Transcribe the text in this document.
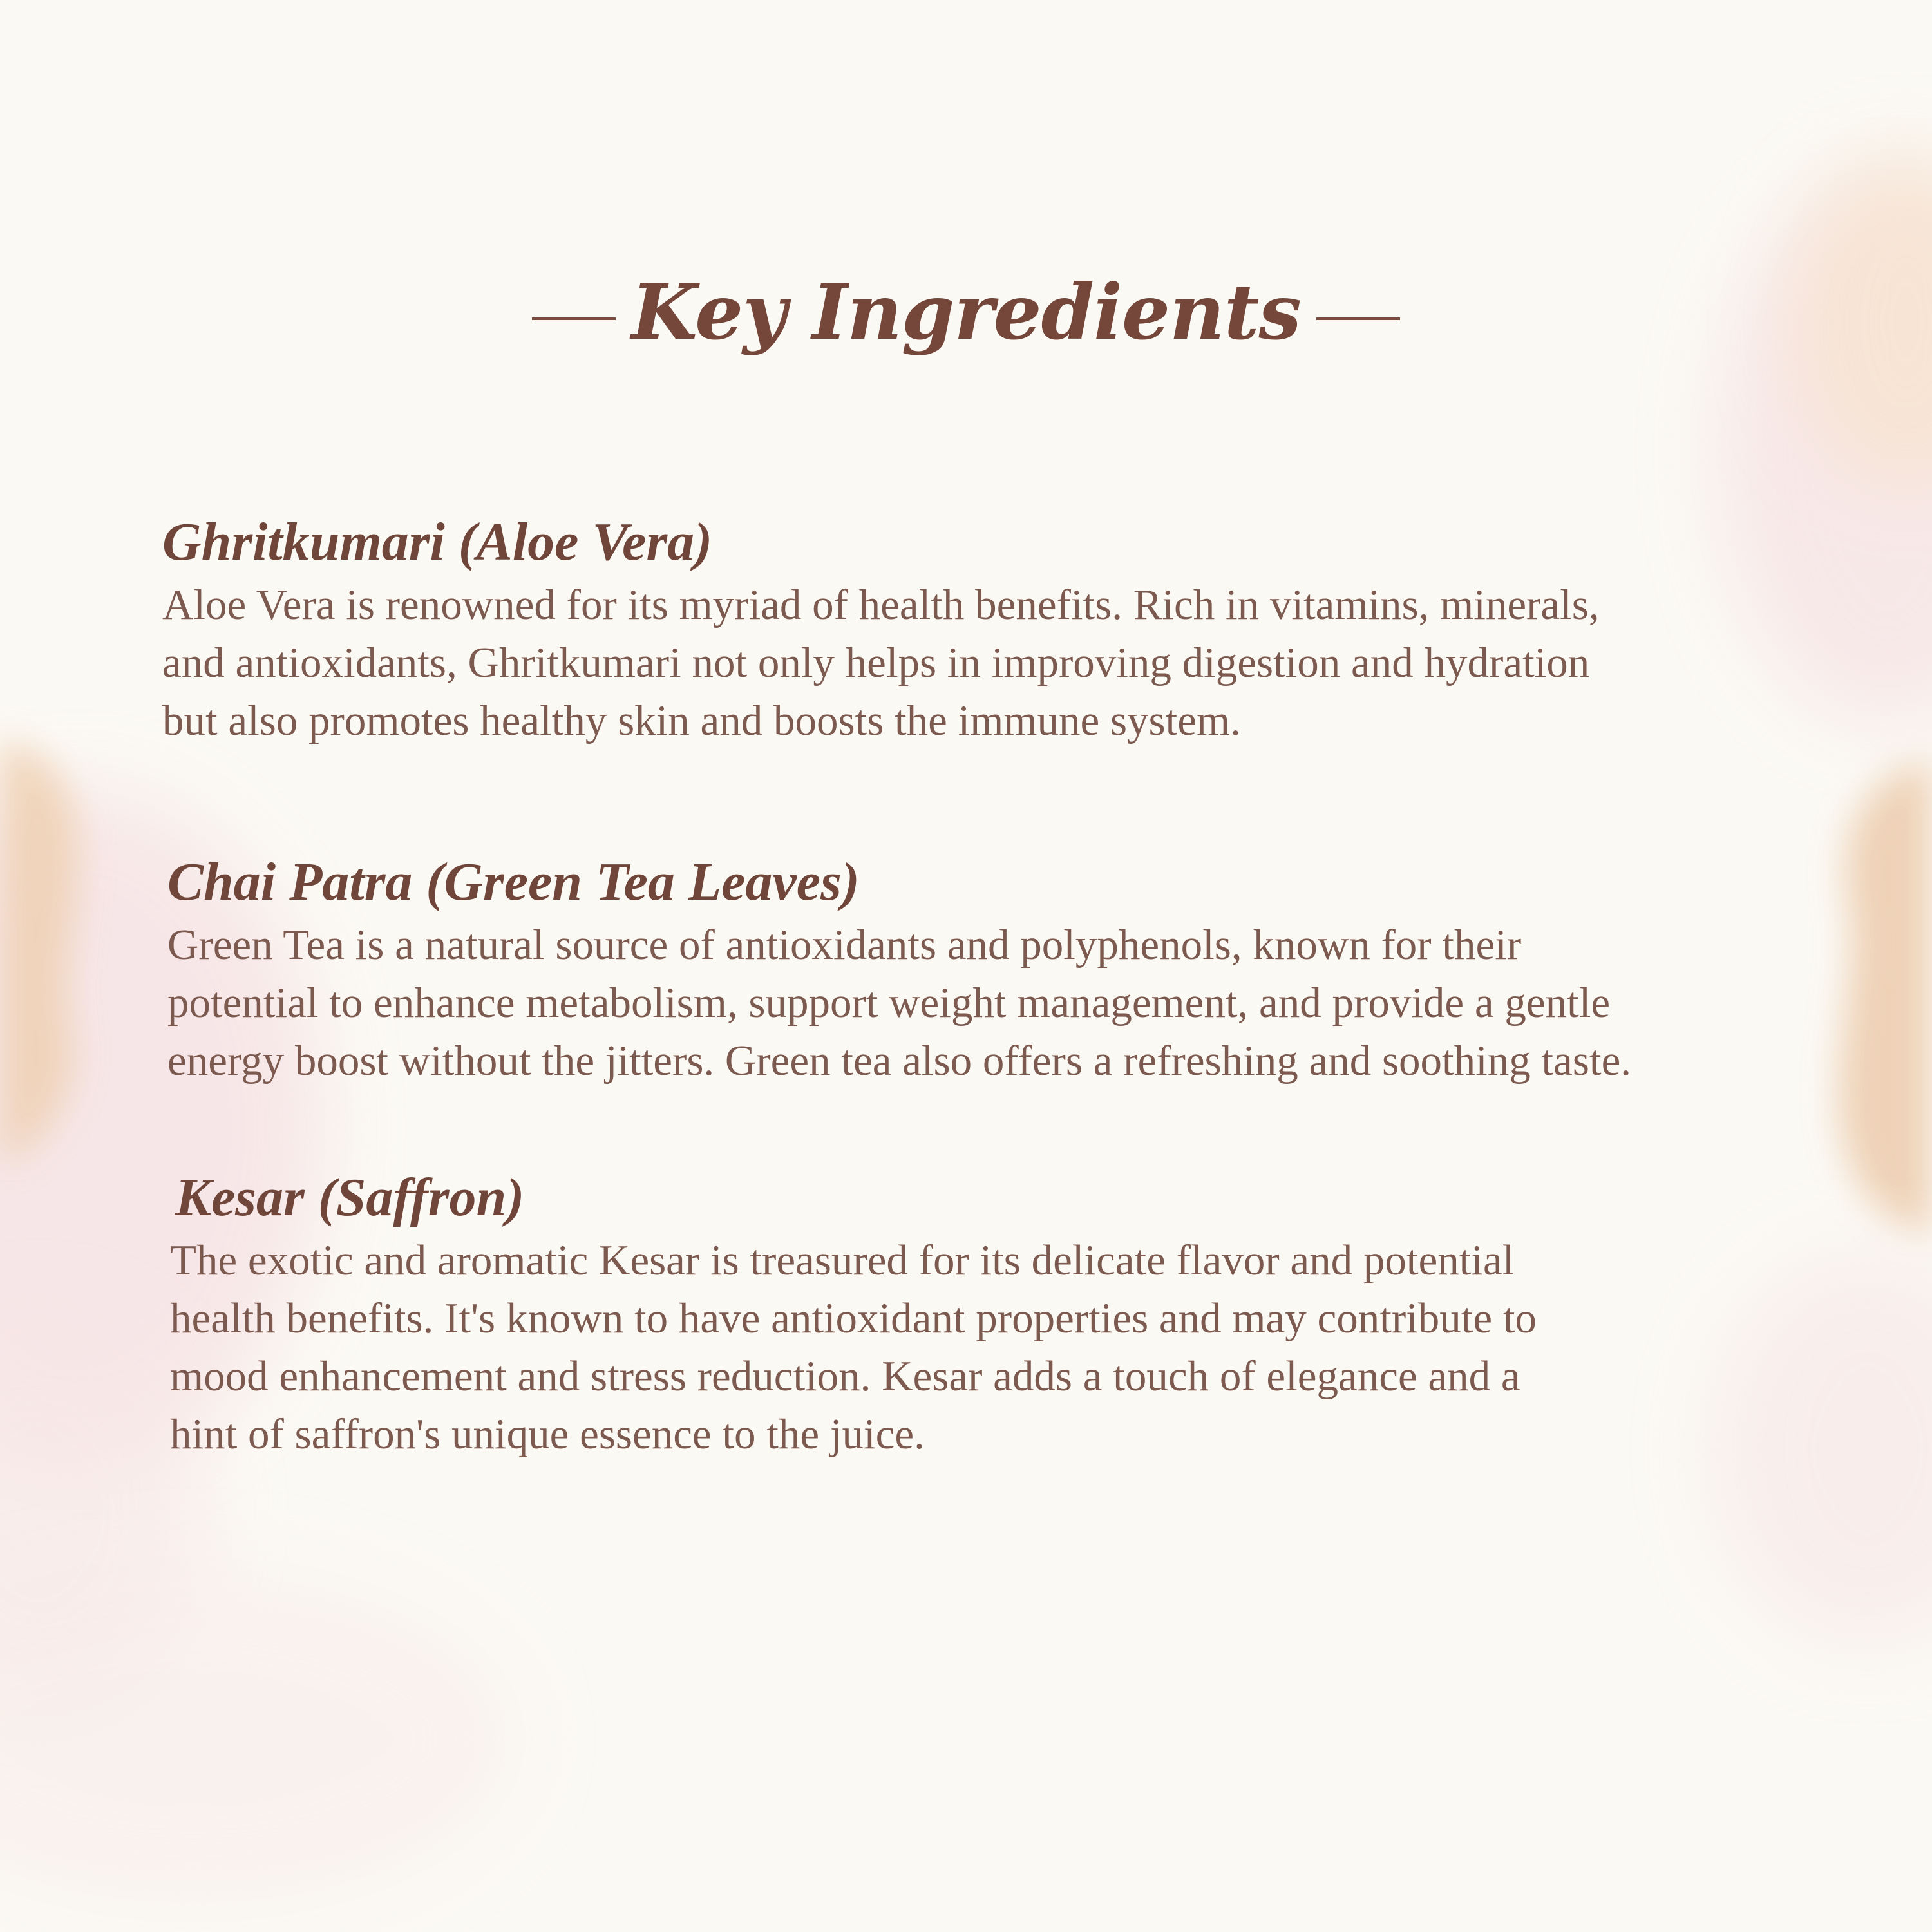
Key Ingredients
Ghritkumari (Aloe Vera)

Aloe Vera is renowned for its myriad of health benefits. Rich in vitamins, minerals,
and antioxidants, Ghritkumari not only helps in improving digestion and hydration
but also promotes healthy skin and boosts the immune system.

Chai Patra (Green Tea Leaves)

Green Tea is a natural source of antioxidants and polyphenols, known for their
potential to enhance metabolism, support weight management, and provide a gentle
energy boost without the jitters. Green tea also offers a refreshing and soothing taste.

Kesar (Saffron)

The exotic and aromatic Kesar is treasured for its delicate flavor and potential
health benefits. It's known to have antioxidant properties and may contribute to
mood enhancement and stress reduction. Kesar adds a touch of elegance and a
hint of saffron's unique essence to the juice.
